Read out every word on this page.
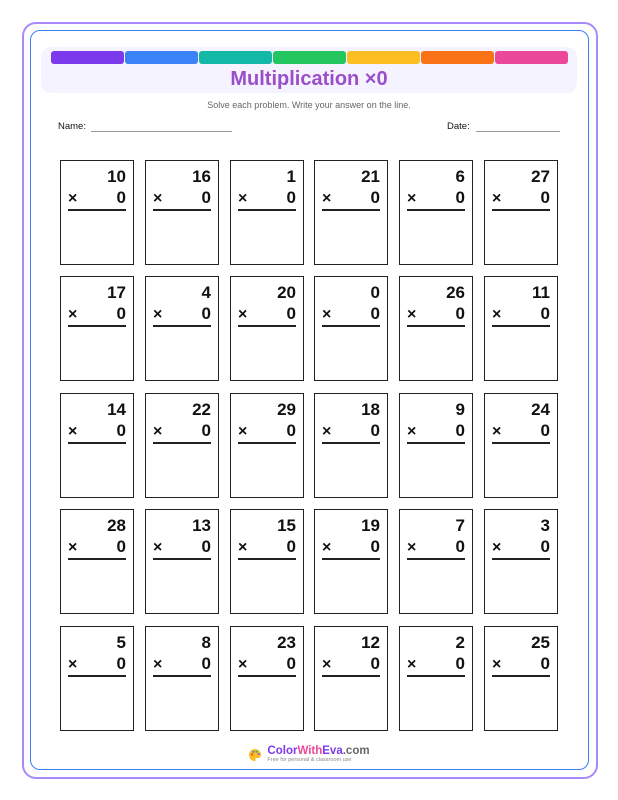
Multiplication ×0
Solve each problem. Write your answer on the line.
Name:	Date:
10
× 0
16
× 0
1
× 0
21
× 0
6
× 0
27
× 0
17
× 0
4
× 0
20
× 0
0
× 0
26
× 0
11
× 0
14
× 0
22
× 0
29
× 0
18
× 0
9
× 0
24
× 0
28
× 0
13
× 0
15
× 0
19
× 0
7
× 0
3
× 0
5
× 0
8
× 0
23
× 0
12
× 0
2
× 0
25
× 0
ColorWithEva.com
Free for personal & classroom use
